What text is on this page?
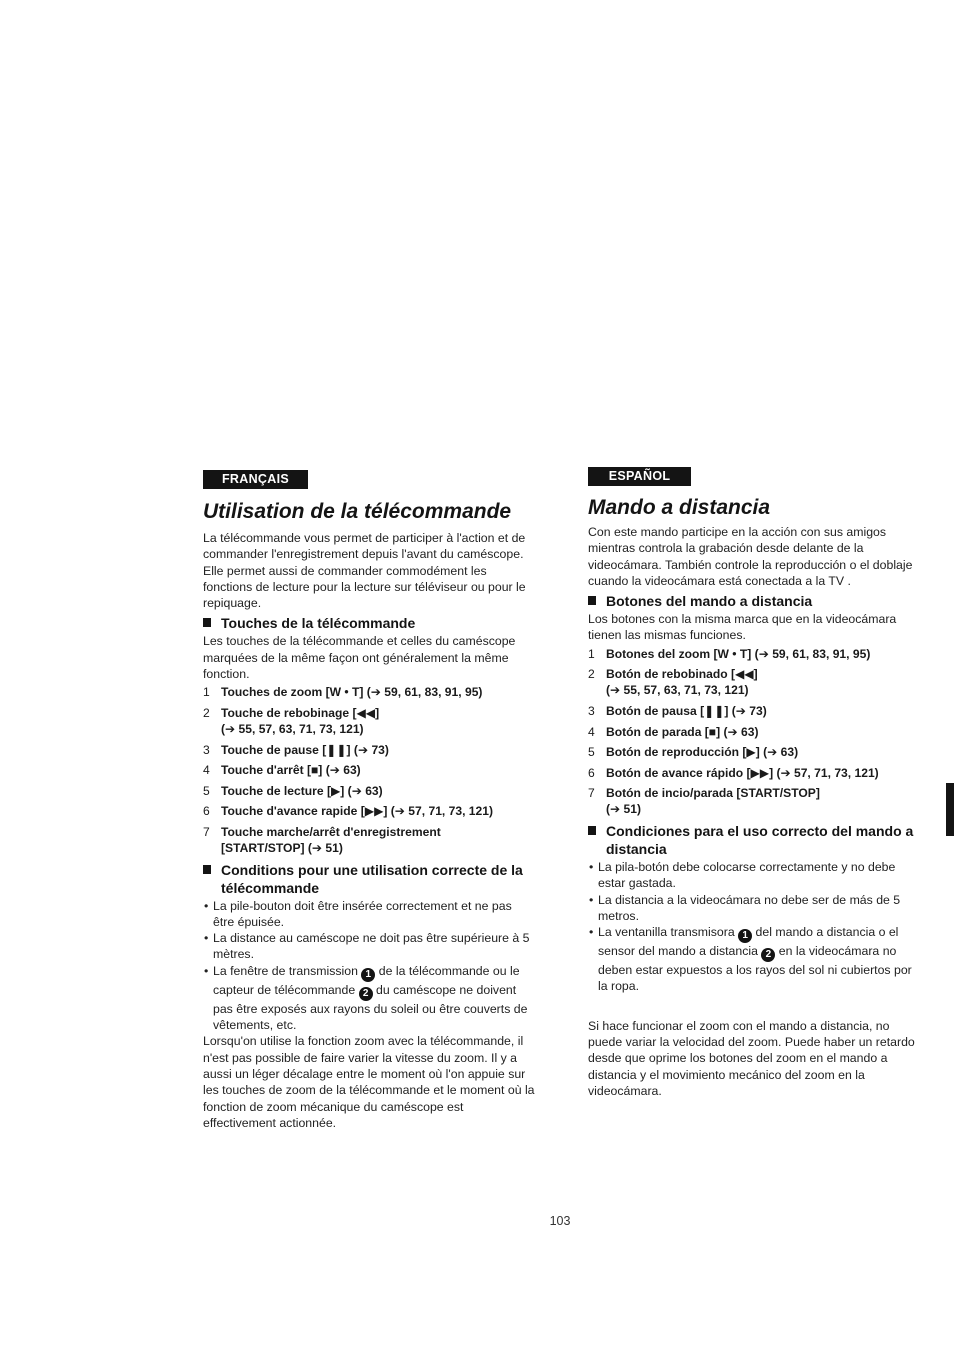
FRANÇAIS
Utilisation de la télécommande

La télécommande vous permet de participer à l'action et de commander l'enregistrement depuis l'avant du caméscope. Elle permet aussi de commander commodément les fonctions de lecture pour la lecture sur téléviseur ou pour le repiquage.

Touches de la télécommande

Les touches de la télécommande et celles du caméscope marquées de la même façon ont généralement la même fonction.

1 Touches de zoom [W • T] (➔ 59, 61, 83, 91, 95)
2 Touche de rebobinage [◀◀]
(➔ 55, 57, 63, 71, 73, 121)
3 Touche de pause [❚❚] (➔ 73)
4 Touche d'arrêt [■] (➔ 63)
5 Touche de lecture [▶] (➔ 63)
6 Touche d'avance rapide [▶▶] (➔ 57, 71, 73, 121)
7 Touche marche/arrêt d'enregistrement
[START/STOP] (➔ 51)
Conditions pour une utilisation correcte de la télécommande
• La pile-bouton doit être insérée correctement et ne pas être épuisée.
• La distance au caméscope ne doit pas être supérieure à 5 mètres.
• La fenêtre de transmission 1 de la télécommande ou le capteur de télécommande 2 du caméscope ne doivent pas être exposés aux rayons du soleil ou être couverts de vêtements, etc.

Lorsqu'on utilise la fonction zoom avec la télécommande, il n'est pas possible de faire varier la vitesse du zoom. Il y a aussi un léger décalage entre le moment où l'on appuie sur les touches de zoom de la télécommande et le moment où la fonction de zoom mécanique du caméscope est effectivement actionnée.

ESPAÑOL
Mando a distancia

Con este mando participe en la acción con sus amigos mientras controla la grabación desde delante de la videocámara. También controle la reproducción o el doblaje cuando la videocámara está conectada a la TV .

Botones del mando a distancia

Los botones con la misma marca que en la videocámara tienen las mismas funciones.

1 Botones del zoom [W • T] (➔ 59, 61, 83, 91, 95)
2 Botón de rebobinado [◀◀]
(➔ 55, 57, 63, 71, 73, 121)
3 Botón de pausa [❚❚] (➔ 73)
4 Botón de parada [■] (➔ 63)
5 Botón de reproducción [▶] (➔ 63)
6 Botón de avance rápido [▶▶] (➔ 57, 71, 73, 121)
7 Botón de incio/parada [START/STOP]
(➔ 51)
Condiciones para el uso correcto del mando a distancia
• La pila-botón debe colocarse correctamente y no debe estar gastada.
• La distancia a la videocámara no debe ser de más de 5 metros.
• La ventanilla transmisora 1 del mando a distancia o el sensor del mando a distancia 2 en la videocámara no deben estar expuestos a los rayos del sol ni cubiertos por la ropa.

Si hace funcionar el zoom con el mando a distancia, no puede variar la velocidad del zoom. Puede haber un retardo desde que oprime los botones del zoom en el mando a distancia y el movimiento mecánico del zoom en la videocámara.

103
